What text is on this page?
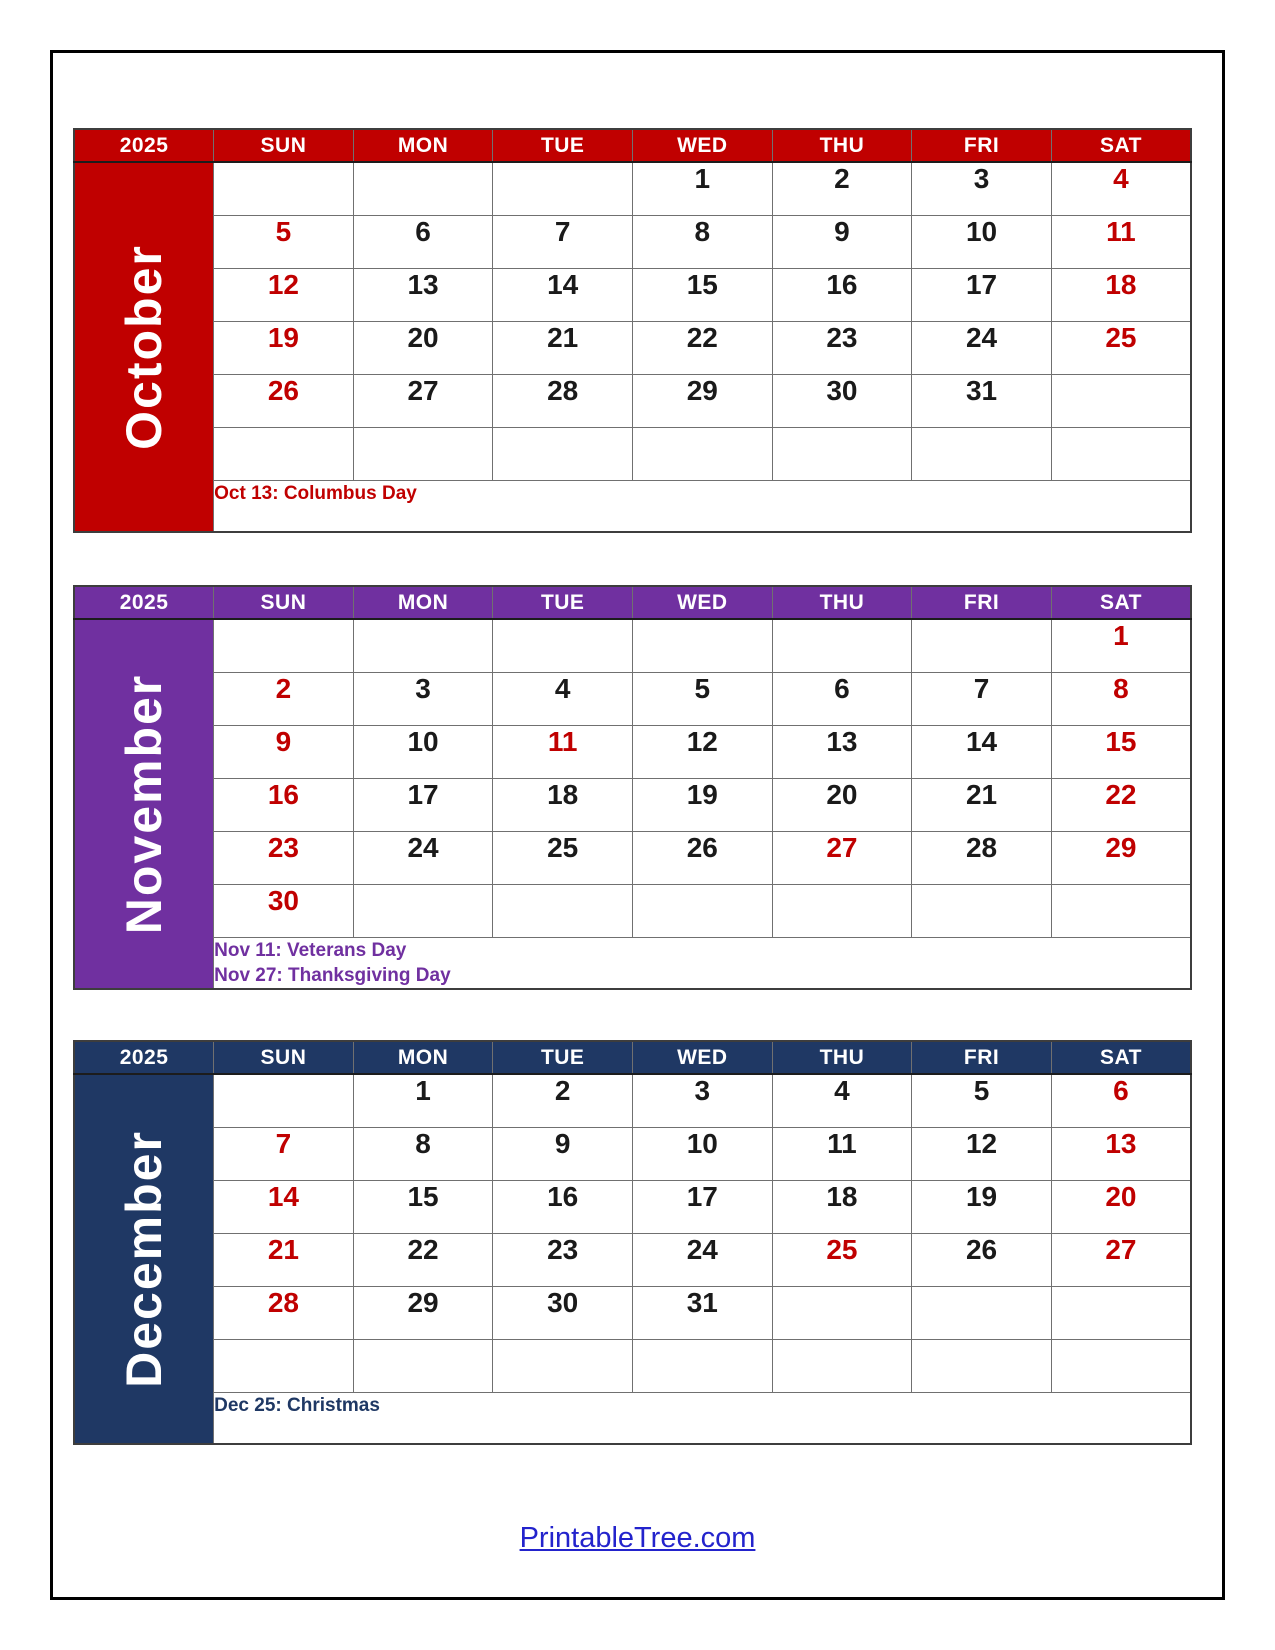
2025	SUN	MON	TUE	WED	THU	FRI	SAT

October				1	2	3	4
	5	6	7	8	9	10	11
	12	13	14	15	16	17	18
	19	20	21	22	23	24	25
	26	27	28	29	30	31	

	Oct 13: Columbus Day						
2025	SUN	MON	TUE	WED	THU	FRI	SAT

November							1
	2	3	4	5	6	7	8
	9	10	11	12	13	14	15
	16	17	18	19	20	21	22
	23	24	25	26	27	28	29
	30						

	Nov 11: Veterans Day
Nov 27: Thanksgiving Day						
2025	SUN	MON	TUE	WED	THU	FRI	SAT

December		1	2	3	4	5	6
	7	8	9	10	11	12	13
	14	15	16	17	18	19	20
	21	22	23	24	25	26	27
	28	29	30	31			

	Dec 25: Christmas						
PrintableTree.com
